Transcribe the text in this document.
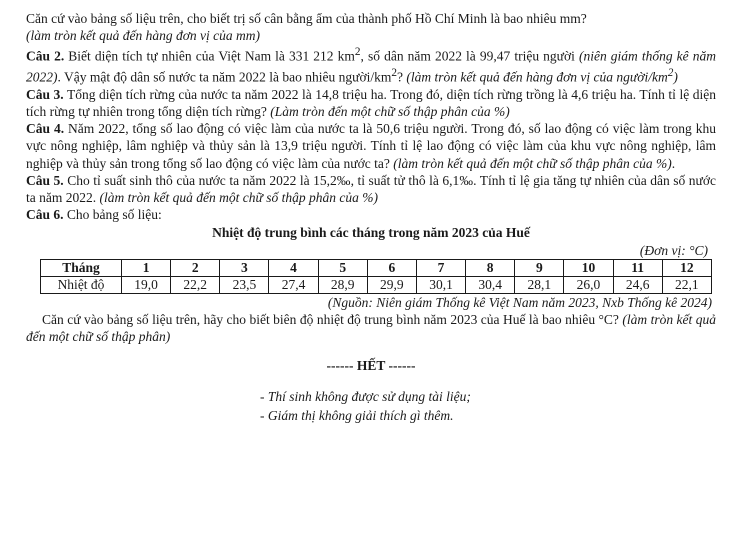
Căn cứ vào bảng số liệu trên, cho biết trị số cân bằng ẩm của thành phố Hồ Chí Minh là bao nhiêu mm?
(làm tròn kết quả đến hàng đơn vị của mm)

Câu 2. Biết diện tích tự nhiên của Việt Nam là 331 212 $km^2$, số dân năm 2022 là 99,47 triệu người (niên giám thống kê năm 2022). Vậy mật độ dân số nước ta năm 2022 là bao nhiêu người/$km^2$? (làm tròn kết quả đến hàng đơn vị của người/$km^2$)

Câu 3. Tổng diện tích rừng của nước ta năm 2022 là 14,8 triệu ha. Trong đó, diện tích rừng trồng là 4,6 triệu ha. Tính tỉ lệ diện tích rừng tự nhiên trong tổng diện tích rừng? (Làm tròn đến một chữ số thập phân của %)

Câu 4. Năm 2022, tổng số lao động có việc làm của nước ta là 50,6 triệu người. Trong đó, số lao động có việc làm trong khu vực nông nghiệp, lâm nghiệp và thủy sản là 13,9 triệu người. Tính tỉ lệ lao động có việc làm của khu vực nông nghiệp, lâm nghiệp và thủy sản trong tổng số lao động có việc làm của nước ta? (làm tròn kết quả đến một chữ số thập phân của %).

Câu 5. Cho tỉ suất sinh thô của nước ta năm 2022 là 15,2‰, tỉ suất tử thô là 6,1‰. Tính tỉ lệ gia tăng tự nhiên của dân số nước ta năm 2022. (làm tròn kết quả đến một chữ số thập phân của %)

Câu 6. Cho bảng số liệu:

Nhiệt độ trung bình các tháng trong năm 2023 của Huế

(Đơn vị: °C)

Tháng	1	2	3	4	5	6	7	8	9	10	11	12
Nhiệt độ	19,0	22,2	23,5	27,4	28,9	29,9	30,1	30,4	28,1	26,0	24,6	22,1

(Nguồn: Niên giám Thống kê Việt Nam năm 2023, Nxb Thống kê 2024)

Căn cứ vào bảng số liệu trên, hãy cho biết biên độ nhiệt độ trung bình năm 2023 của Huế là bao nhiêu °C? (làm tròn kết quả đến một chữ số thập phân)

------ HẾT ------

- Thí sinh không được sử dụng tài liệu;
- Giám thị không giải thích gì thêm.
